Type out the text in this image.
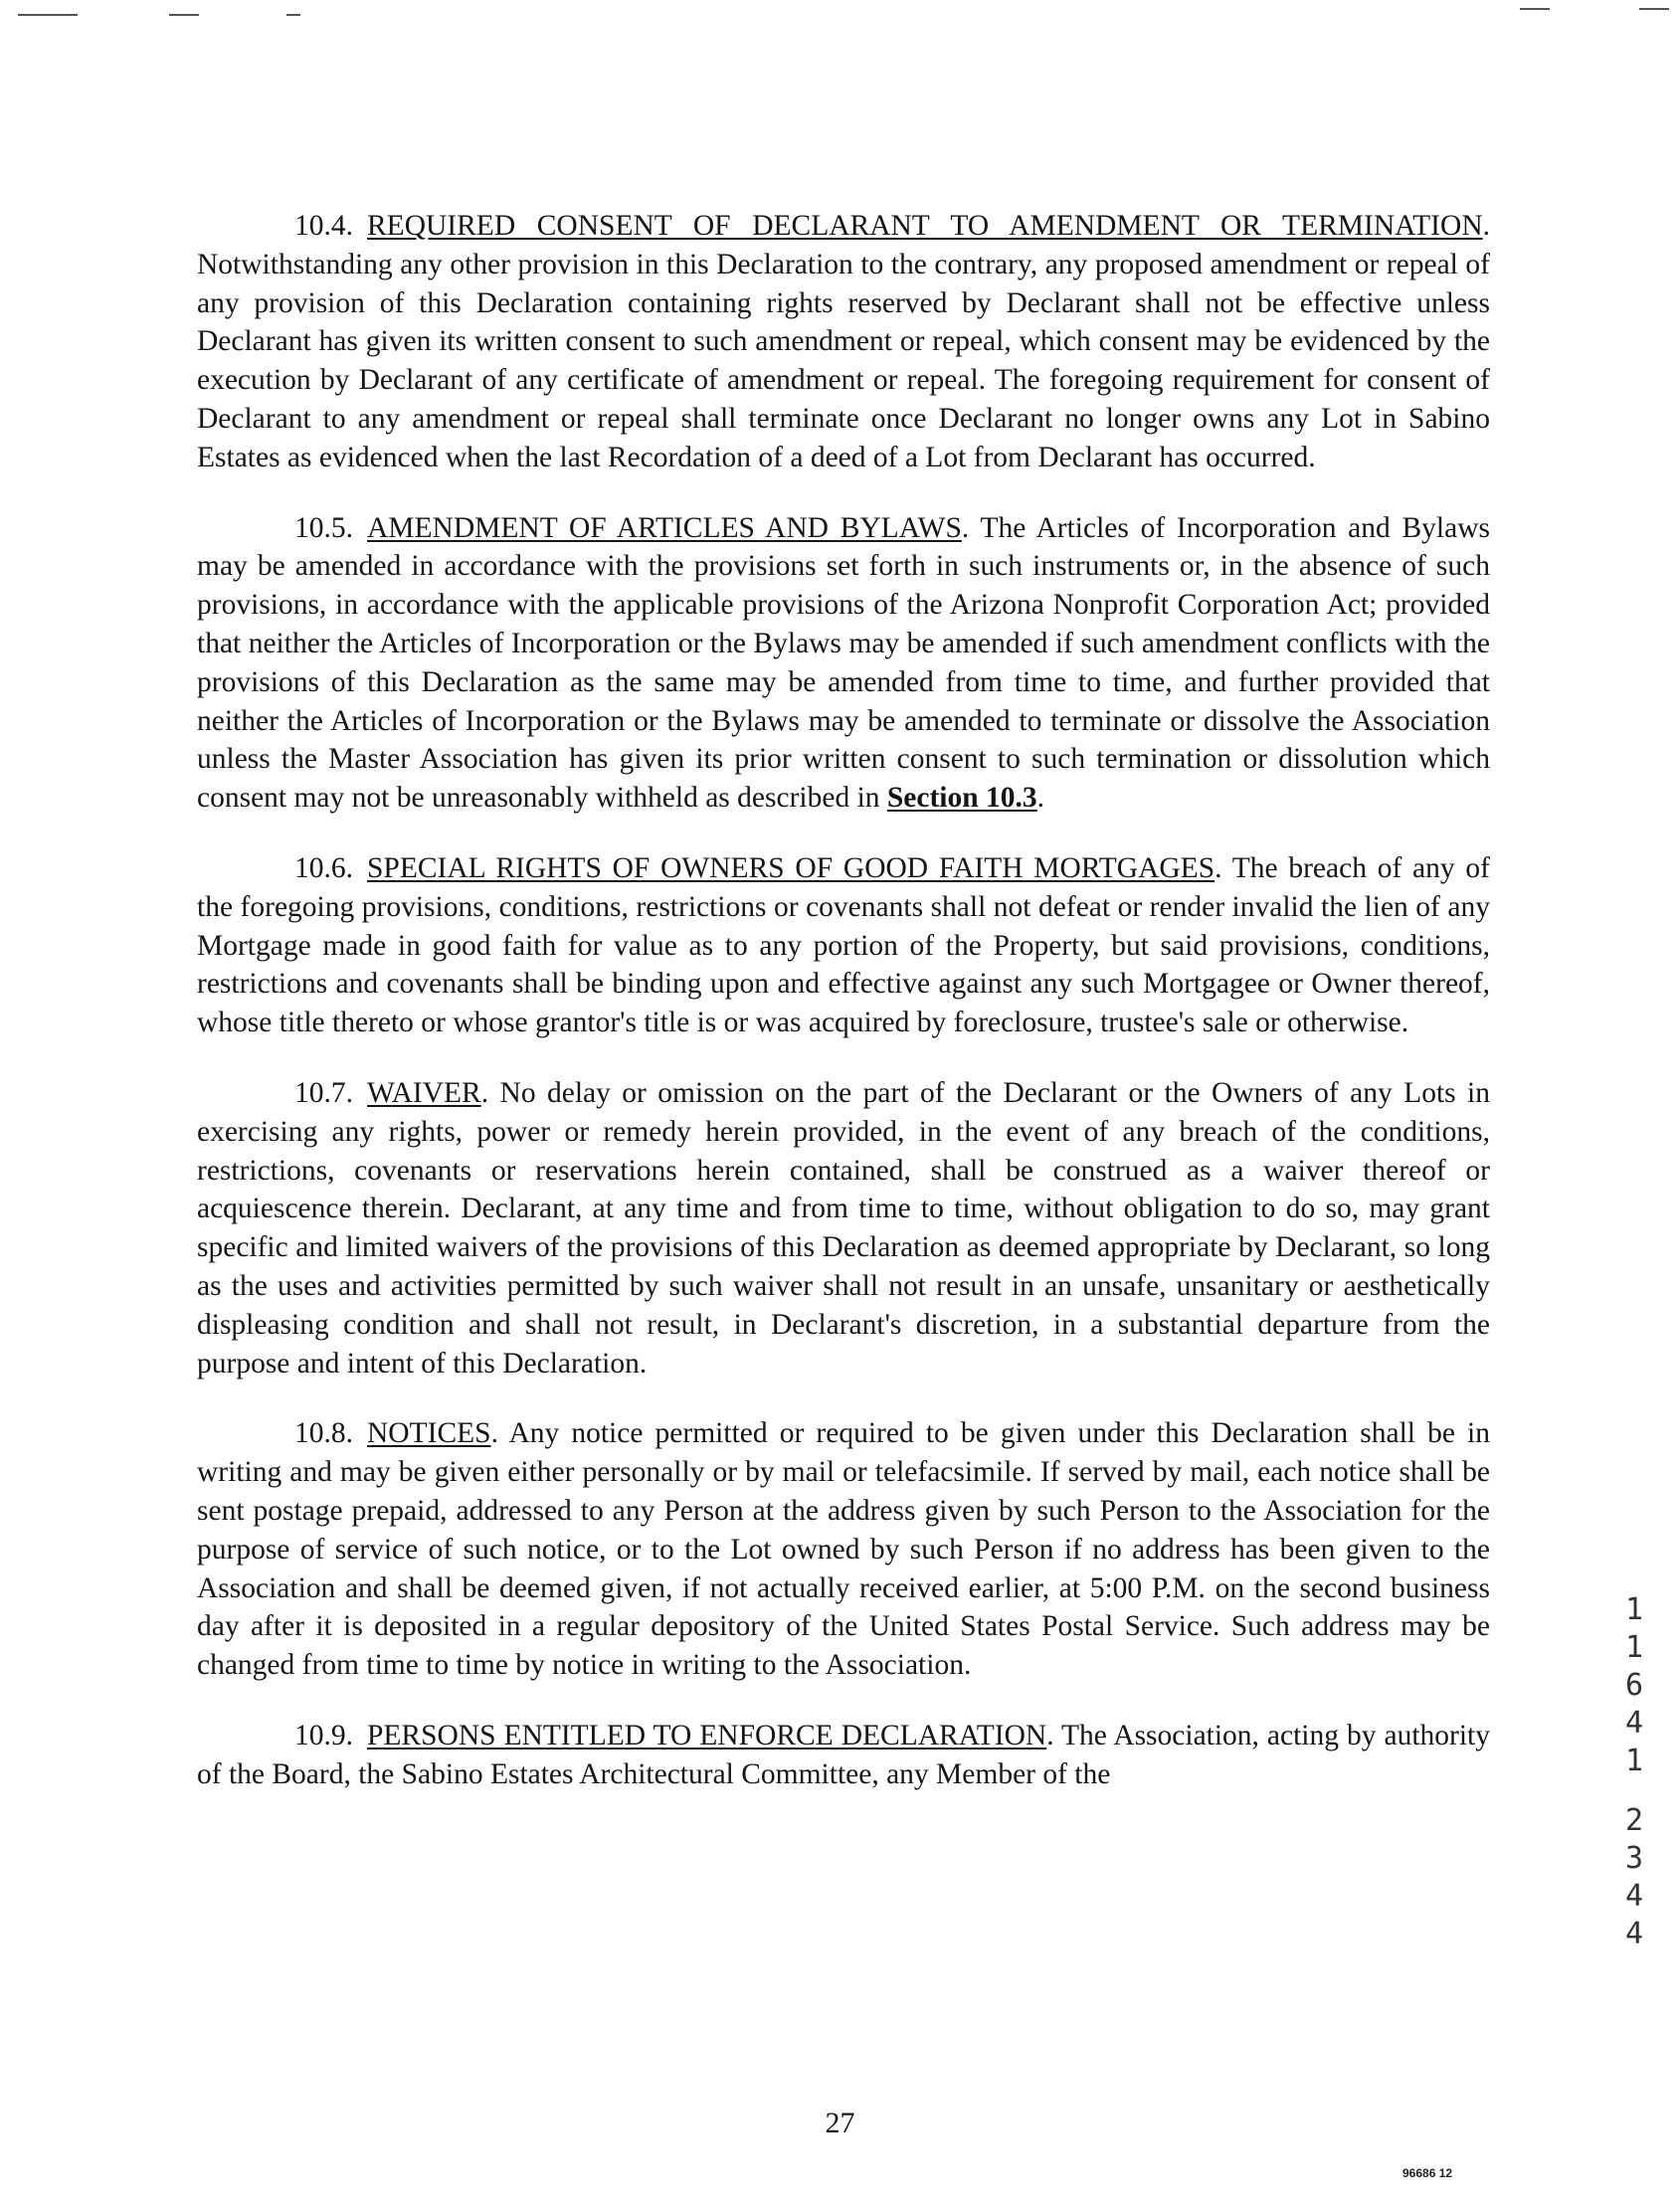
10.4. REQUIRED CONSENT OF DECLARANT TO AMENDMENT OR TERMINATION. Notwithstanding any other provision in this Declaration to the contrary, any proposed amendment or repeal of any provision of this Declaration containing rights reserved by Declarant shall not be effective unless Declarant has given its written consent to such amendment or repeal, which consent may be evidenced by the execution by Declarant of any certificate of amendment or repeal. The foregoing requirement for consent of Declarant to any amendment or repeal shall terminate once Declarant no longer owns any Lot in Sabino Estates as evidenced when the last Recordation of a deed of a Lot from Declarant has occurred.

10.5. AMENDMENT OF ARTICLES AND BYLAWS. The Articles of Incorporation and Bylaws may be amended in accordance with the provisions set forth in such instruments or, in the absence of such provisions, in accordance with the applicable provisions of the Arizona Nonprofit Corporation Act; provided that neither the Articles of Incorporation or the Bylaws may be amended if such amendment conflicts with the provisions of this Declaration as the same may be amended from time to time, and further provided that neither the Articles of Incorporation or the Bylaws may be amended to terminate or dissolve the Association unless the Master Association has given its prior written consent to such termination or dissolution which consent may not be unreasonably withheld as described in Section 10.3.

10.6. SPECIAL RIGHTS OF OWNERS OF GOOD FAITH MORTGAGES. The breach of any of the foregoing provisions, conditions, restrictions or covenants shall not defeat or render invalid the lien of any Mortgage made in good faith for value as to any portion of the Property, but said provisions, conditions, restrictions and covenants shall be binding upon and effective against any such Mortgagee or Owner thereof, whose title thereto or whose grantor's title is or was acquired by foreclosure, trustee's sale or otherwise.

10.7. WAIVER. No delay or omission on the part of the Declarant or the Owners of any Lots in exercising any rights, power or remedy herein provided, in the event of any breach of the conditions, restrictions, covenants or reservations herein contained, shall be construed as a waiver thereof or acquiescence therein. Declarant, at any time and from time to time, without obligation to do so, may grant specific and limited waivers of the provisions of this Declaration as deemed appropriate by Declarant, so long as the uses and activities permitted by such waiver shall not result in an unsafe, unsanitary or aesthetically displeasing condition and shall not result, in Declarant's discretion, in a substantial departure from the purpose and intent of this Declaration.

10.8. NOTICES. Any notice permitted or required to be given under this Declaration shall be in writing and may be given either personally or by mail or telefacsimile. If served by mail, each notice shall be sent postage prepaid, addressed to any Person at the address given by such Person to the Association for the purpose of service of such notice, or to the Lot owned by such Person if no address has been given to the Association and shall be deemed given, if not actually received earlier, at 5:00 P.M. on the second business day after it is deposited in a regular depository of the United States Postal Service. Such address may be changed from time to time by notice in writing to the Association.

10.9. PERSONS ENTITLED TO ENFORCE DECLARATION. The Association, acting by authority of the Board, the Sabino Estates Architectural Committee, any Member of the

1
1
6
4
1
2
3
4
4
27
96686 12
